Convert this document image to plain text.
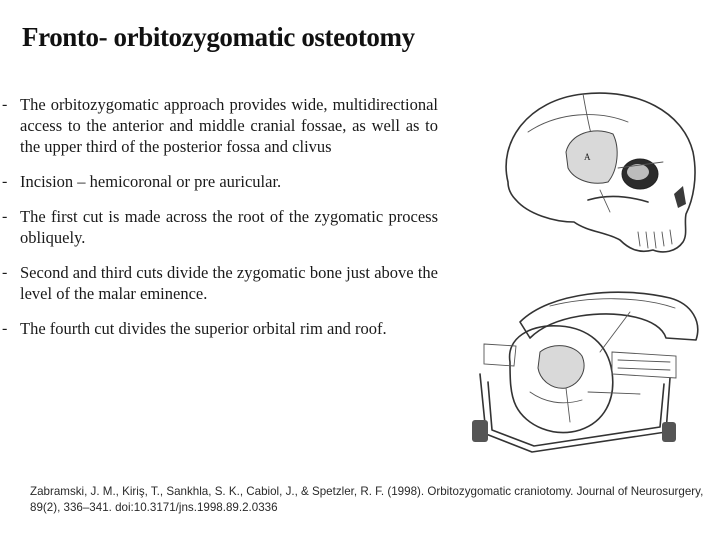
Fronto- orbitozygomatic osteotomy
- The orbitozygomatic approach provides wide, multidirectional access to the anterior and middle cranial fossae, as well as to the upper third of the posterior fossa and clivus
- Incision – hemicoronal or pre auricular.
- The first cut is made across the root of the zygomatic process obliquely.
- Second and third cuts divide the zygomatic bone just above the level of the malar eminence.
- The fourth cut divides the superior orbital rim and roof.
A
Zabramski, J. M., Kiriş, T., Sankhla, S. K., Cabiol, J., & Spetzler, R. F. (1998). Orbitozygomatic craniotomy. Journal of Neurosurgery, 89(2), 336–341. doi:10.3171/jns.1998.89.2.0336
